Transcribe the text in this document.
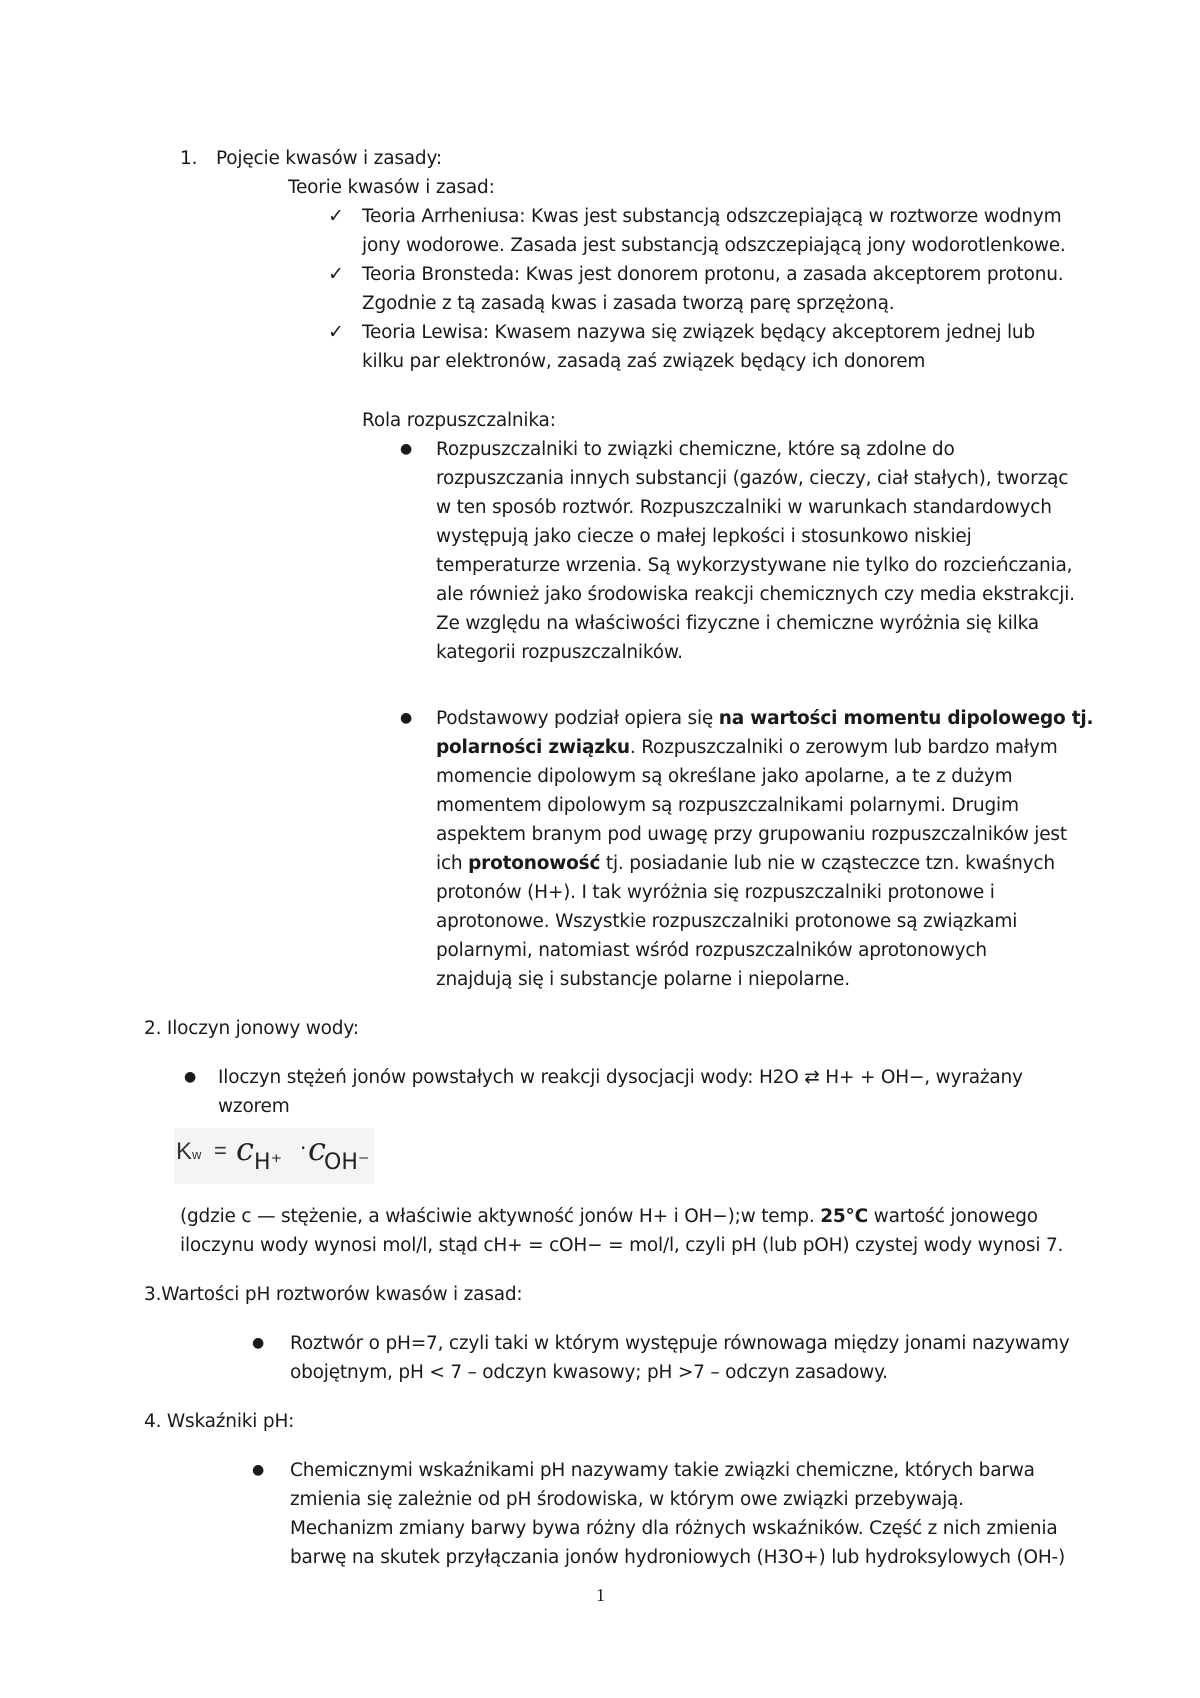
1. Pojęcie kwasów i zasady:
Teorie kwasów i zasad:
✓ Teoria Arrheniusa: Kwas jest substancją odszczepiającą w roztworze wodnym
jony wodorowe. Zasada jest substancją odszczepiającą jony wodorotlenkowe.
✓ Teoria Bronsteda: Kwas jest donorem protonu, a zasada akceptorem protonu.
Zgodnie z tą zasadą kwas i zasada tworzą parę sprzężoną.
✓ Teoria Lewisa: Kwasem nazywa się związek będący akceptorem jednej lub
kilku par elektronów, zasadą zaś związek będący ich donorem
Rola rozpuszczalnika:
● Rozpuszczalniki to związki chemiczne, które są zdolne do
rozpuszczania innych substancji (gazów, cieczy, ciał stałych), tworząc
w ten sposób roztwór. Rozpuszczalniki w warunkach standardowych
występują jako ciecze o małej lepkości i stosunkowo niskiej
temperaturze wrzenia. Są wykorzystywane nie tylko do rozcieńczania,
ale również jako środowiska reakcji chemicznych czy media ekstrakcji.
Ze względu na właściwości fizyczne i chemiczne wyróżnia się kilka
kategorii rozpuszczalników.
● Podstawowy podział opiera się na wartości momentu dipolowego tj.
polarności związku. Rozpuszczalniki o zerowym lub bardzo małym
momencie dipolowym są określane jako apolarne, a te z dużym
momentem dipolowym są rozpuszczalnikami polarnymi. Drugim
aspektem branym pod uwagę przy grupowaniu rozpuszczalników jest
ich protonowość tj. posiadanie lub nie w cząsteczce tzn. kwaśnych
protonów (H+). I tak wyróżnia się rozpuszczalniki protonowe i
aprotonowe. Wszystkie rozpuszczalniki protonowe są związkami
polarnymi, natomiast wśród rozpuszczalników aprotonowych
znajdują się i substancje polarne i niepolarne.
2. Iloczyn jonowy wody:
● Iloczyn stężeń jonów powstałych w reakcji dysocjacji wody: H2O ⇄ H+ + OH−, wyrażany
wzorem
Kw = c H⁺
· c
OH⁻
(gdzie c — stężenie, a właściwie aktywność jonów H+ i OH−);w temp. 25°C wartość jonowego
iloczynu wody wynosi mol/l, stąd cH+ = cOH− = mol/l, czyli pH (lub pOH) czystej wody wynosi 7.
3.Wartości pH roztworów kwasów i zasad:
● Roztwór o pH=7, czyli taki w którym występuje równowaga między jonami nazywamy
obojętnym, pH < 7 – odczyn kwasowy; pH >7 – odczyn zasadowy.
4. Wskaźniki pH:
● Chemicznymi wskaźnikami pH nazywamy takie związki chemiczne, których barwa
zmienia się zależnie od pH środowiska, w którym owe związki przebywają.
Mechanizm zmiany barwy bywa różny dla różnych wskaźników. Część z nich zmienia
barwę na skutek przyłączania jonów hydroniowych (H3O+) lub hydroksylowych (OH-)
1
